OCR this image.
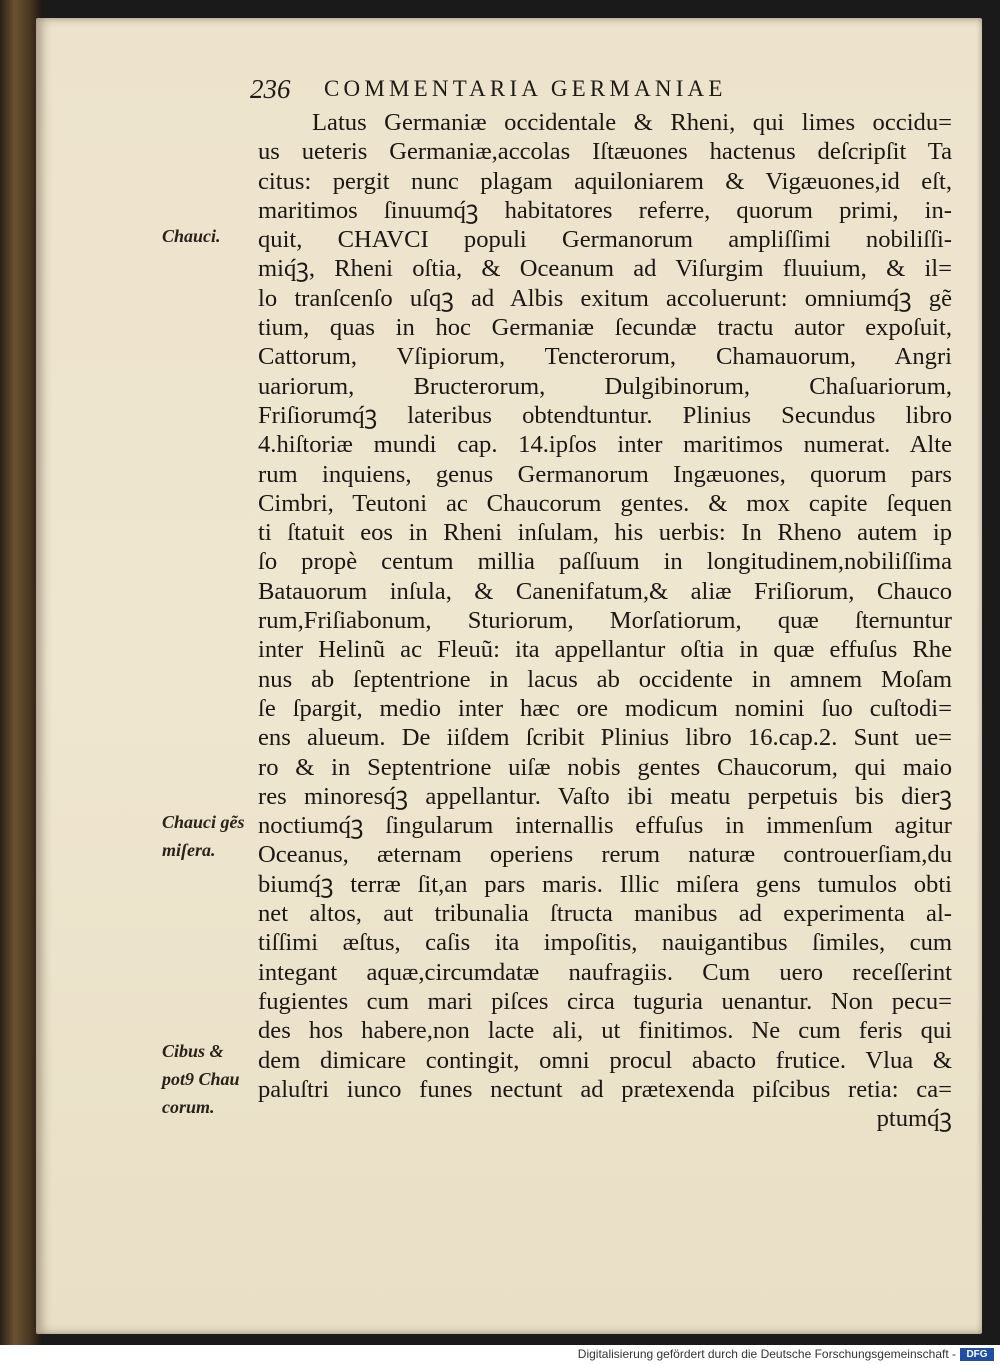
236 COMMENTARIA GERMANIAE
Chauci.
Chauci gẽs
miſera.
Cibus &
pot9 Chau
corum.
Latus Germaniæ occidentale & Rheni, qui limes occidu=
us ueteris Germaniæ,accolas Iſtæuones hactenus deſcripſit Ta
citus: pergit nunc plagam aquiloniarem & Vigæuones,id eſt,
maritimos ſinuumq́ꝫ habitatores referre, quorum primi, in-
quit, CHAVCI populi Germanorum ampliſſimi nobiliſſi-
miq́ꝫ, Rheni oſtia, & Oceanum ad Viſurgim fluuium, & il=
lo tranſcenſo uſqꝫ ad Albis exitum accoluerunt: omniumq́ꝫ gẽ
tium, quas in hoc Germaniæ ſecundæ tractu autor expoſuit,
Cattorum, Vſipiorum, Tencterorum, Chamauorum, Angri
uariorum, Bructerorum, Dulgibinorum, Chaſuariorum,
Friſiorumq́ꝫ lateribus obtendtuntur. Plinius Secundus libro
4.hiſtoriæ mundi cap. 14.ipſos inter maritimos numerat. Alte
rum inquiens, genus Germanorum Ingæuones, quorum pars
Cimbri, Teutoni ac Chaucorum gentes. & mox capite ſequen
ti ſtatuit eos in Rheni inſulam, his uerbis: In Rheno autem ip
ſo propè centum millia paſſuum in longitudinem,nobiliſſima
Batauorum inſula, & Canenifatum,& aliæ Friſiorum, Chauco
rum,Friſiabonum, Sturiorum, Morſatiorum, quæ ſternuntur
inter Helinũ ac Fleuũ: ita appellantur oſtia in quæ effuſus Rhe
nus ab ſeptentrione in lacus ab occidente in amnem Moſam
ſe ſpargit, medio inter hæc ore modicum nomini ſuo cuſtodi=
ens alueum. De iiſdem ſcribit Plinius libro 16.cap.2. Sunt ue=
ro & in Septentrione uiſæ nobis gentes Chaucorum, qui maio
res minoresq́ꝫ appellantur. Vaſto ibi meatu perpetuis bis dierꝫ
noctiumq́ꝫ ſingularum internallis effuſus in immenſum agitur
Oceanus, æternam operiens rerum naturæ controuerſiam,du
biumq́ꝫ terræ ſit,an pars maris. Illic miſera gens tumulos obti
net altos, aut tribunalia ſtructa manibus ad experimenta al-
tiſſimi æſtus, caſis ita impoſitis, nauigantibus ſimiles, cum
integant aquæ,circumdatæ naufragiis. Cum uero receſſerint
fugientes cum mari piſces circa tuguria uenantur. Non pecu=
des hos habere,non lacte ali, ut finitimos. Ne cum feris qui
dem dimicare contingit, omni procul abacto frutice. Vlua &
paluſtri iunco funes nectunt ad prætexenda piſcibus retia: ca=
ptumq́ꝫ
Digitalisierung gefördert durch die Deutsche Forschungsgemeinschaft -	DFG
